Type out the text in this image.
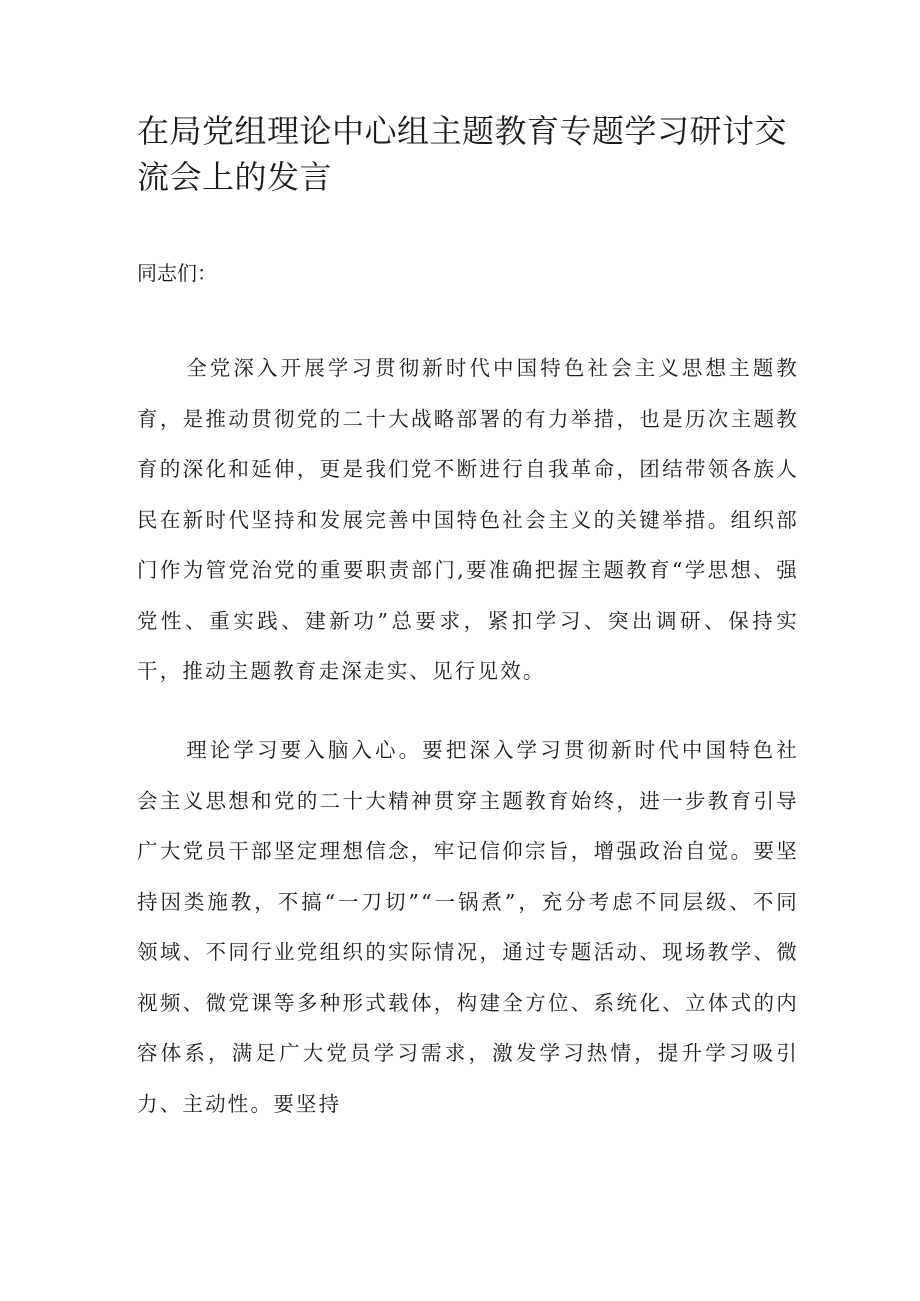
在局党组理论中心组主题教育专题学习研讨交流会上的发言

同志们：

全党深入开展学习贯彻新时代中国特色社会主义思想主题教育，是推动贯彻党的二十大战略部署的有力举措，也是历次主题教育的深化和延伸，更是我们党不断进行自我革命，团结带领各族人民在新时代坚持和发展完善中国特色社会主义的关键举措。组织部门作为管党治党的重要职责部门,要准确把握主题教育“学思想、强党性、重实践、建新功”总要求，紧扣学习、突出调研、保持实干，推动主题教育走深走实、见行见效。

理论学习要入脑入心。要把深入学习贯彻新时代中国特色社会主义思想和党的二十大精神贯穿主题教育始终，进一步教育引导广大党员干部坚定理想信念，牢记信仰宗旨，增强政治自觉。要坚持因类施教，不搞“一刀切”“一锅煮”，充分考虑不同层级、不同领域、不同行业党组织的实际情况，通过专题活动、现场教学、微视频、微党课等多种形式载体，构建全方位、系统化、立体式的内容体系，满足广大党员学习需求，激发学习热情，提升学习吸引力、主动性。要坚持
